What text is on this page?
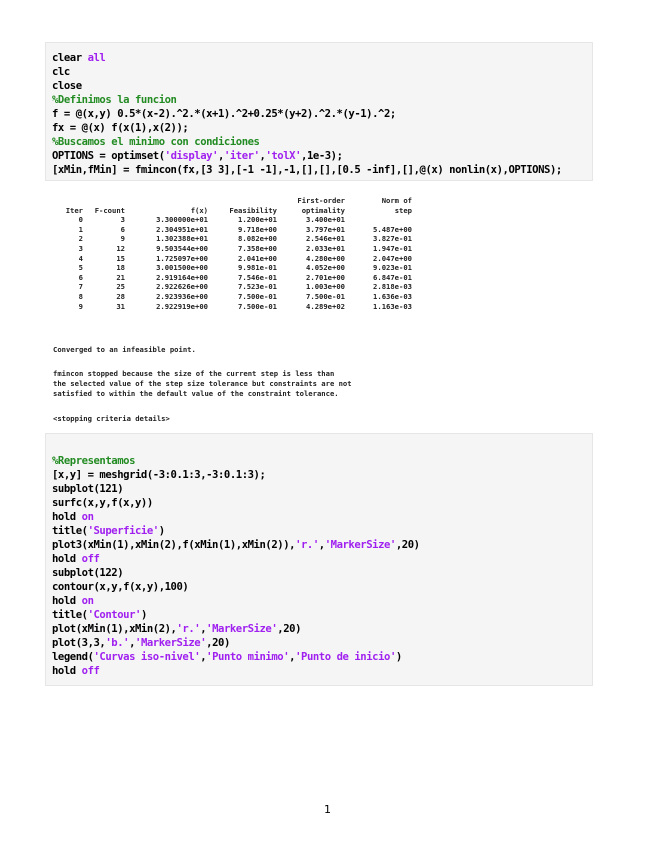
clear all
clc
close
%Definimos la funcion
f = @(x,y) 0.5*(x-2).^2.*(x+1).^2+0.25*(y+2).^2.*(y-1).^2;
fx = @(x) f(x(1),x(2));
%Buscamos el minimo con condiciones
OPTIONS = optimset('display','iter','tolX',1e-3);
[xMin,fMin] = fmincon(fx,[3 3],[-1 -1],-1,[],[],[0.5 -inf],[],@(x) nonlin(x),OPTIONS);
First-order	Norm of
Iter	F-count	f(x)	Feasibility	optimality	step
0	3	3.300000e+01	1.200e+01	3.400e+01
1	6	2.304951e+01	9.718e+00	3.797e+01	5.487e+00
2	9	1.302388e+01	8.082e+00	2.546e+01	3.827e-01
3	12	9.503544e+00	7.358e+00	2.033e+01	1.947e-01
4	15	1.725097e+00	2.041e+00	4.280e+00	2.047e+00
5	18	3.001500e+00	9.981e-01	4.052e+00	9.023e-01
6	21	2.919164e+00	7.546e-01	2.701e+00	6.847e-01
7	25	2.922626e+00	7.523e-01	1.003e+00	2.818e-03
8	28	2.923936e+00	7.500e-01	7.500e-01	1.636e-03
9	31	2.922919e+00	7.500e-01	4.289e+02	1.163e-03
Converged to an infeasible point.
fmincon stopped because the size of the current step is less than
the selected value of the step size tolerance but constraints are not
satisfied to within the default value of the constraint tolerance.
<stopping criteria details>
%Representamos
[x,y] = meshgrid(-3:0.1:3,-3:0.1:3);
subplot(121)
surfc(x,y,f(x,y))
hold on
title('Superficie')
plot3(xMin(1),xMin(2),f(xMin(1),xMin(2)),'r.','MarkerSize',20)
hold off
subplot(122)
contour(x,y,f(x,y),100)
hold on
title('Contour')
plot(xMin(1),xMin(2),'r.','MarkerSize',20)
plot(3,3,'b.','MarkerSize',20)
legend('Curvas iso-nivel','Punto minimo','Punto de inicio')
hold off
1
